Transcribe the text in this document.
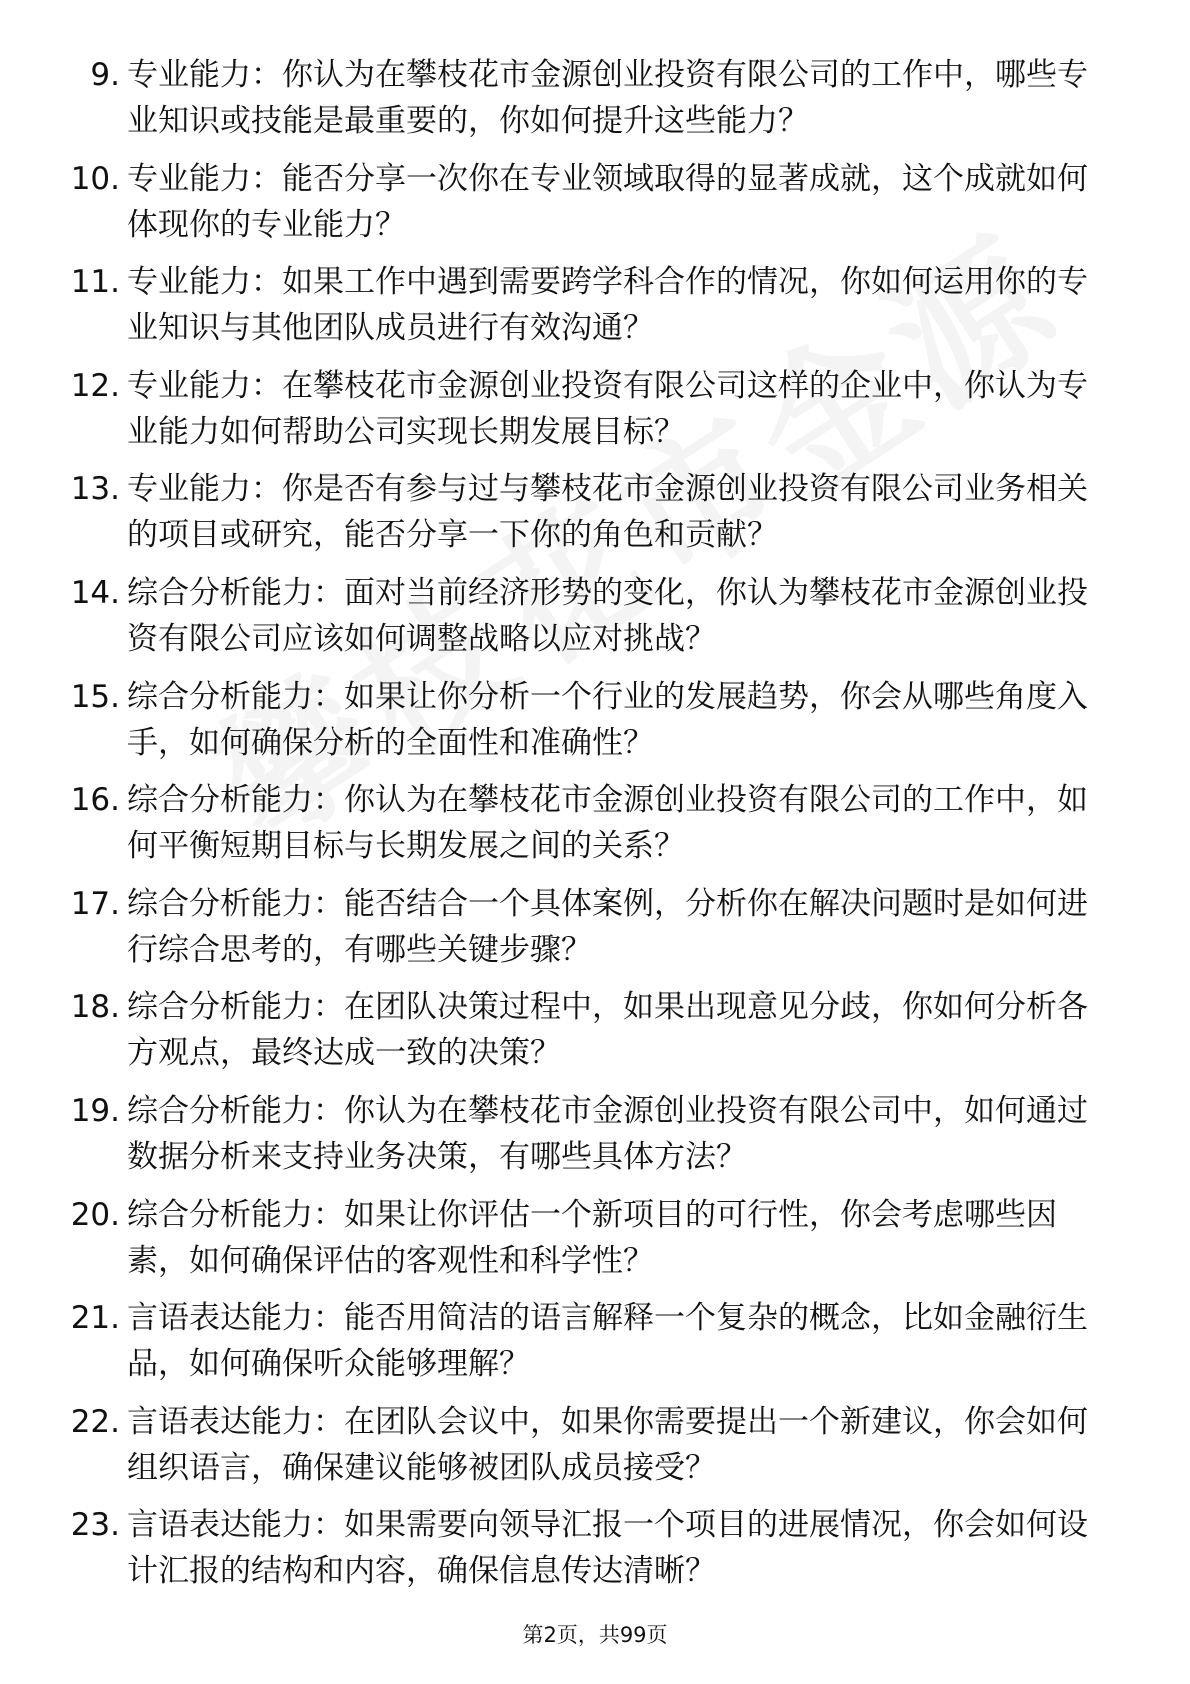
9. 专业能力：你认为在攀枝花市金源创业投资有限公司的工作中，哪些专业知识或技能是最重要的，你如何提升这些能力？
10. 专业能力：能否分享一次你在专业领域取得的显著成就，这个成就如何体现你的专业能力？
11. 专业能力：如果工作中遇到需要跨学科合作的情况，你如何运用你的专业知识与其他团队成员进行有效沟通？
12. 专业能力：在攀枝花市金源创业投资有限公司这样的企业中，你认为专业能力如何帮助公司实现长期发展目标？
13. 专业能力：你是否有参与过与攀枝花市金源创业投资有限公司业务相关的项目或研究，能否分享一下你的角色和贡献？
14. 综合分析能力：面对当前经济形势的变化，你认为攀枝花市金源创业投资有限公司应该如何调整战略以应对挑战？
15. 综合分析能力：如果让你分析一个行业的发展趋势，你会从哪些角度入手，如何确保分析的全面性和准确性？
16. 综合分析能力：你认为在攀枝花市金源创业投资有限公司的工作中，如何平衡短期目标与长期发展之间的关系？
17. 综合分析能力：能否结合一个具体案例，分析你在解决问题时是如何进行综合思考的，有哪些关键步骤？
18. 综合分析能力：在团队决策过程中，如果出现意见分歧，你如何分析各方观点，最终达成一致的决策？
19. 综合分析能力：你认为在攀枝花市金源创业投资有限公司中，如何通过数据分析来支持业务决策，有哪些具体方法？
20. 综合分析能力：如果让你评估一个新项目的可行性，你会考虑哪些因素，如何确保评估的客观性和科学性？
21. 言语表达能力：能否用简洁的语言解释一个复杂的概念，比如金融衍生品，如何确保听众能够理解？
22. 言语表达能力：在团队会议中，如果你需要提出一个新建议，你会如何组织语言，确保建议能够被团队成员接受？
23. 言语表达能力：如果需要向领导汇报一个项目的进展情况，你会如何设计汇报的结构和内容，确保信息传达清晰？
第2页，共99页
